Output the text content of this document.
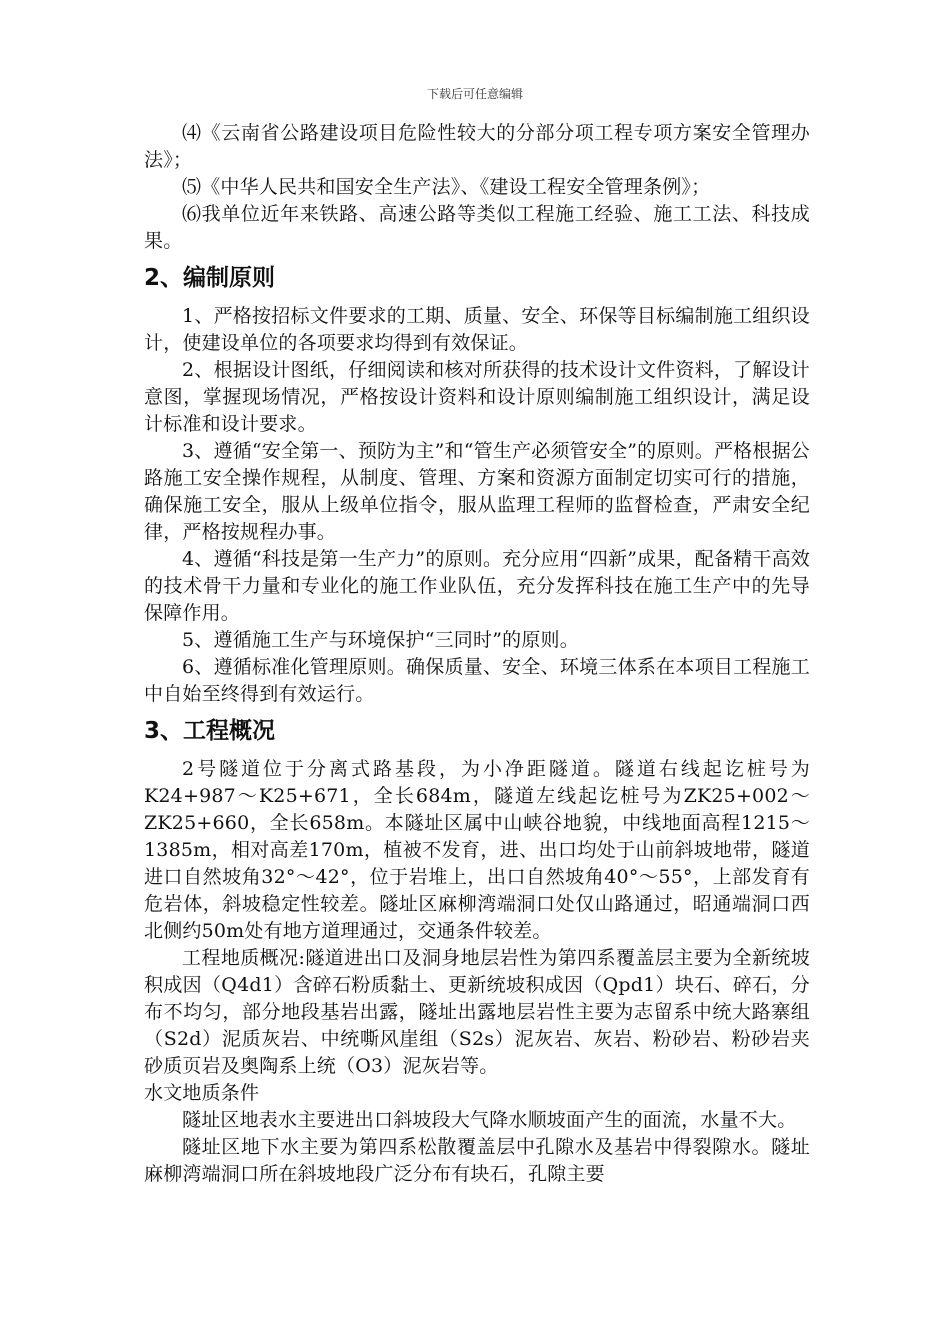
下载后可任意编辑

⑷《云南省公路建设项目危险性较大的分部分项工程专项方案安全管理办法》；

⑸《中华人民共和国安全生产法》、《建设工程安全管理条例》；

⑹我单位近年来铁路、高速公路等类似工程施工经验、施工工法、科技成果。

2、编制原则

1、严格按招标文件要求的工期、质量、安全、环保等目标编制施工组织设计，使建设单位的各项要求均得到有效保证。

2、根据设计图纸，仔细阅读和核对所获得的技术设计文件资料，了解设计意图，掌握现场情况，严格按设计资料和设计原则编制施工组织设计，满足设计标准和设计要求。

3、遵循“安全第一、预防为主”和“管生产必须管安全”的原则。严格根据公路施工安全操作规程，从制度、管理、方案和资源方面制定切实可行的措施，确保施工安全，服从上级单位指令，服从监理工程师的监督检查，严肃安全纪律，严格按规程办事。

4、遵循“科技是第一生产力”的原则。充分应用“四新”成果，配备精干高效的技术骨干力量和专业化的施工作业队伍，充分发挥科技在施工生产中的先导保障作用。

5、遵循施工生产与环境保护“三同时”的原则。

6、遵循标准化管理原则。确保质量、安全、环境三体系在本项目工程施工中自始至终得到有效运行。

3、工程概况

2号隧道位于分离式路基段，为小净距隧道。隧道右线起讫桩号为K24+987～K25+671，全长684m，隧道左线起讫桩号为ZK25+002～ZK25+660，全长658m。本隧址区属中山峡谷地貌，中线地面高程1215～1385m，相对高差170m，植被不发育，进、出口均处于山前斜坡地带，隧道进口自然坡角32°～42°，位于岩堆上，出口自然坡角40°～55°，上部发育有危岩体，斜坡稳定性较差。隧址区麻柳湾端洞口处仅山路通过，昭通端洞口西北侧约50m处有地方道理通过，交通条件较差。

工程地质概况:隧道进出口及洞身地层岩性为第四系覆盖层主要为全新统坡积成因（Q4d1）含碎石粉质黏土、更新统坡积成因（Qpd1）块石、碎石，分布不均匀，部分地段基岩出露，隧址出露地层岩性主要为志留系中统大路寨组（S2d）泥质灰岩、中统嘶风崖组（S2s）泥灰岩、灰岩、粉砂岩、粉砂岩夹砂质页岩及奥陶系上统（O3）泥灰岩等。

水文地质条件

隧址区地表水主要进出口斜坡段大气降水顺坡面产生的面流，水量不大。

隧址区地下水主要为第四系松散覆盖层中孔隙水及基岩中得裂隙水。隧址麻柳湾端洞口所在斜坡地段广泛分布有块石，孔隙主要
